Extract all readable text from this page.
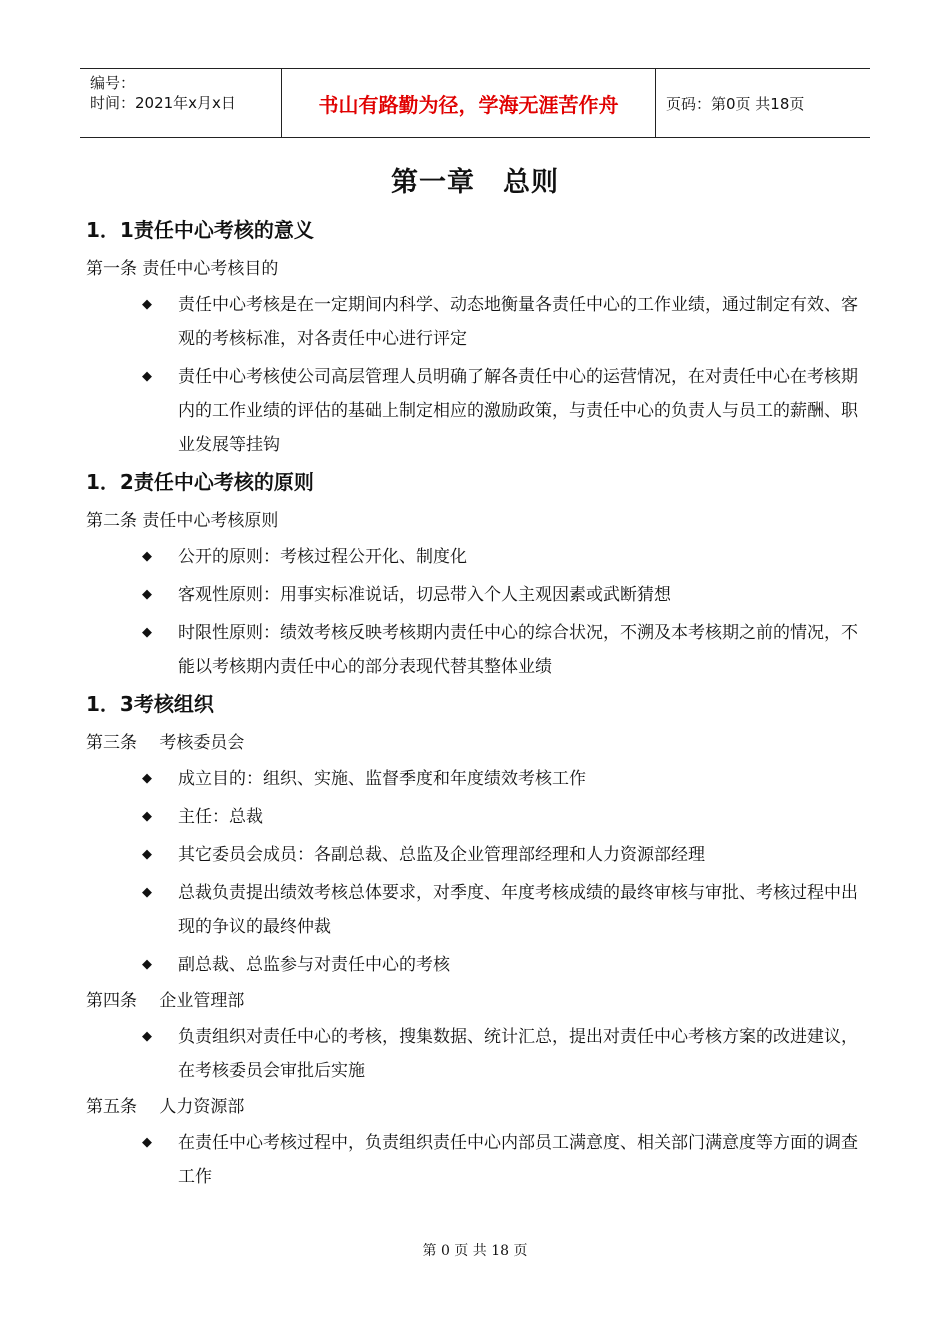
编号：
时间：2021年x月x日	书山有路勤为径，学海无涯苦作舟	页码：第0页 共18页
第一章　总则
1．1责任中心考核的意义
第一条 责任中心考核目的
◆ 责任中心考核是在一定期间内科学、动态地衡量各责任中心的工作业绩，通过制定有效、客观的考核标准，对各责任中心进行评定
◆ 责任中心考核使公司高层管理人员明确了解各责任中心的运营情况，在对责任中心在考核期内的工作业绩的评估的基础上制定相应的激励政策，与责任中心的负责人与员工的薪酬、职业发展等挂钩
1．2责任中心考核的原则
第二条 责任中心考核原则
◆ 公开的原则：考核过程公开化、制度化
◆ 客观性原则：用事实标准说话，切忌带入个人主观因素或武断猜想
◆ 时限性原则：绩效考核反映考核期内责任中心的综合状况，不溯及本考核期之前的情况，不能以考核期内责任中心的部分表现代替其整体业绩
1．3考核组织
第三条　 考核委员会
◆ 成立目的：组织、实施、监督季度和年度绩效考核工作
◆ 主任：总裁
◆ 其它委员会成员：各副总裁、总监及企业管理部经理和人力资源部经理
◆ 总裁负责提出绩效考核总体要求，对季度、年度考核成绩的最终审核与审批、考核过程中出现的争议的最终仲裁
◆ 副总裁、总监参与对责任中心的考核
第四条　 企业管理部
◆ 负责组织对责任中心的考核，搜集数据、统计汇总，提出对责任中心考核方案的改进建议，在考核委员会审批后实施
第五条　 人力资源部
◆ 在责任中心考核过程中，负责组织责任中心内部员工满意度、相关部门满意度等方面的调查工作
第 0 页 共 18 页
